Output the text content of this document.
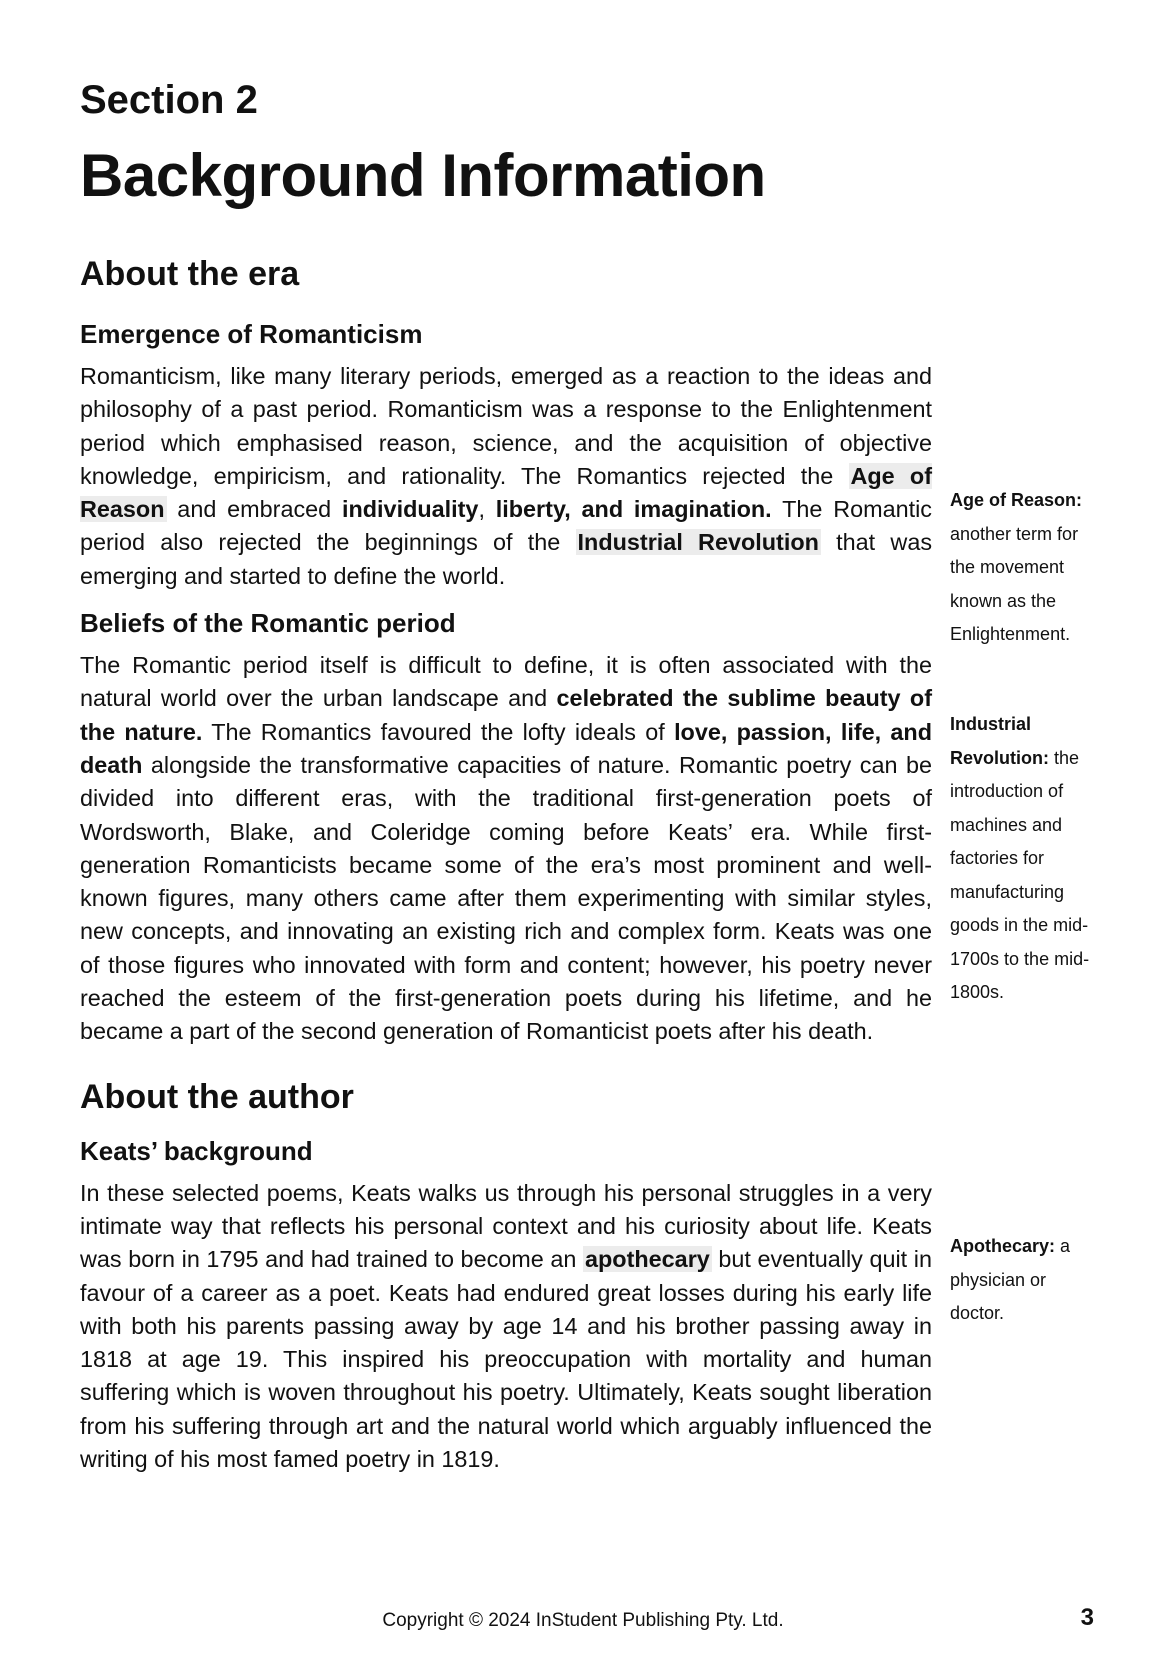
Section 2
Background Information
About the era
Emergence of Romanticism

Romanticism, like many literary periods, emerged as a reaction to the ideas and philosophy of a past period. Romanticism was a response to the Enlightenment period which emphasised reason, science, and the acquisition of objective knowledge, empiricism, and rationality. The Romantics rejected the Age of Reason and embraced individuality, liberty, and imagination. The Romantic period also rejected the beginnings of the Industrial Revolution that was emerging and started to define the world.

Beliefs of the Romantic period

The Romantic period itself is difficult to define, it is often associated with the natural world over the urban landscape and celebrated the sublime beauty of the nature. The Romantics favoured the lofty ideals of love, passion, life, and death alongside the transformative capacities of nature. Romantic poetry can be divided into different eras, with the traditional first-generation poets of Wordsworth, Blake, and Coleridge coming before Keats’ era. While first-generation Romanticists became some of the era’s most prominent and well-known figures, many others came after them experimenting with similar styles, new concepts, and innovating an existing rich and complex form. Keats was one of those figures who innovated with form and content; however, his poetry never reached the esteem of the first-generation poets during his lifetime, and he became a part of the second generation of Romanticist poets after his death.

About the author
Keats’ background

In these selected poems, Keats walks us through his personal struggles in a very intimate way that reflects his personal context and his curiosity about life. Keats was born in 1795 and had trained to become an apothecary but eventually quit in favour of a career as a poet. Keats had endured great losses during his early life with both his parents passing away by age 14 and his brother passing away in 1818 at age 19. This inspired his preoccupation with mortality and human suffering which is woven throughout his poetry. Ultimately, Keats sought liberation from his suffering through art and the natural world which arguably influenced the writing of his most famed poetry in 1819.

Age of Reason: another term for the movement known as the Enlightenment.
Industrial Revolution: the introduction of machines and factories for manufacturing goods in the mid-1700s to the mid-1800s.
Apothecary: a physician or doctor.
Copyright © 2024 InStudent Publishing Pty. Ltd.	3
